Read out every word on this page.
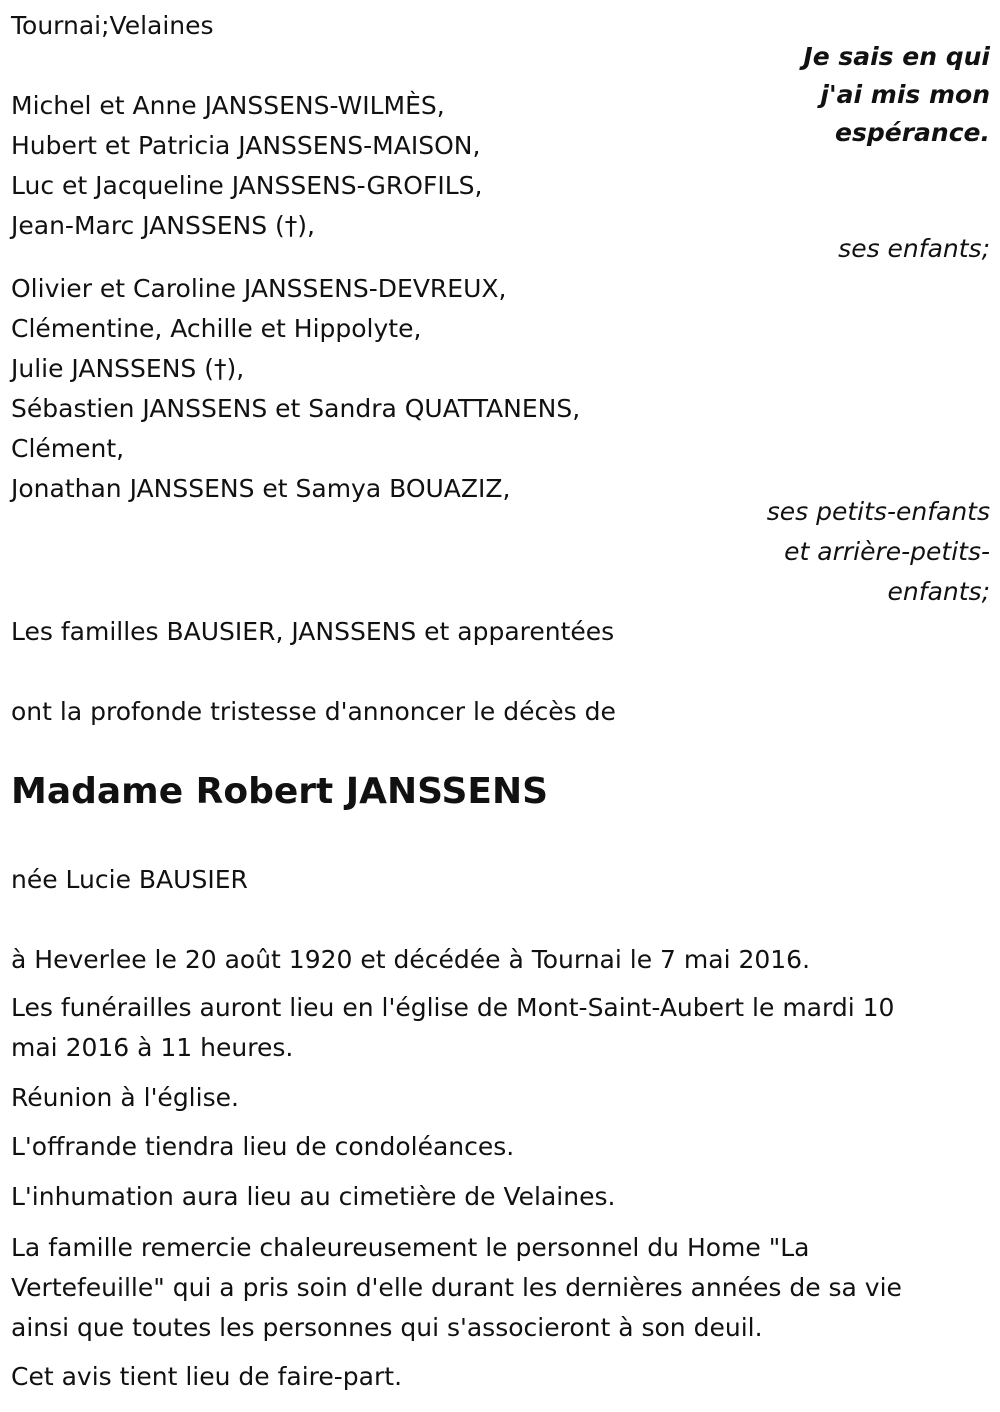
Tournai;Velaines
Je sais en qui
j'ai mis mon
espérance.
Michel et Anne JANSSENS-WILMÈS,
Hubert et Patricia JANSSENS-MAISON,
Luc et Jacqueline JANSSENS-GROFILS,
Jean-Marc JANSSENS (†),
ses enfants;
Olivier et Caroline JANSSENS-DEVREUX,
Clémentine, Achille et Hippolyte,
Julie JANSSENS (†),
Sébastien JANSSENS et Sandra QUATTANENS,
Clément,
Jonathan JANSSENS et Samya BOUAZIZ,
ses petits-enfants
et arrière-petits-
enfants;
Les familles BAUSIER, JANSSENS et apparentées
ont la profonde tristesse d'annoncer le décès de
Madame Robert JANSSENS
née Lucie BAUSIER
à Heverlee le 20 août 1920 et décédée à Tournai le 7 mai 2016.
Les funérailles auront lieu en l'église de Mont-Saint-Aubert le mardi 10
mai 2016 à 11 heures.
Réunion à l'église.
L'offrande tiendra lieu de condoléances.
L'inhumation aura lieu au cimetière de Velaines.
La famille remercie chaleureusement le personnel du Home "La
Vertefeuille" qui a pris soin d'elle durant les dernières années de sa vie
ainsi que toutes les personnes qui s'associeront à son deuil.
Cet avis tient lieu de faire-part.
